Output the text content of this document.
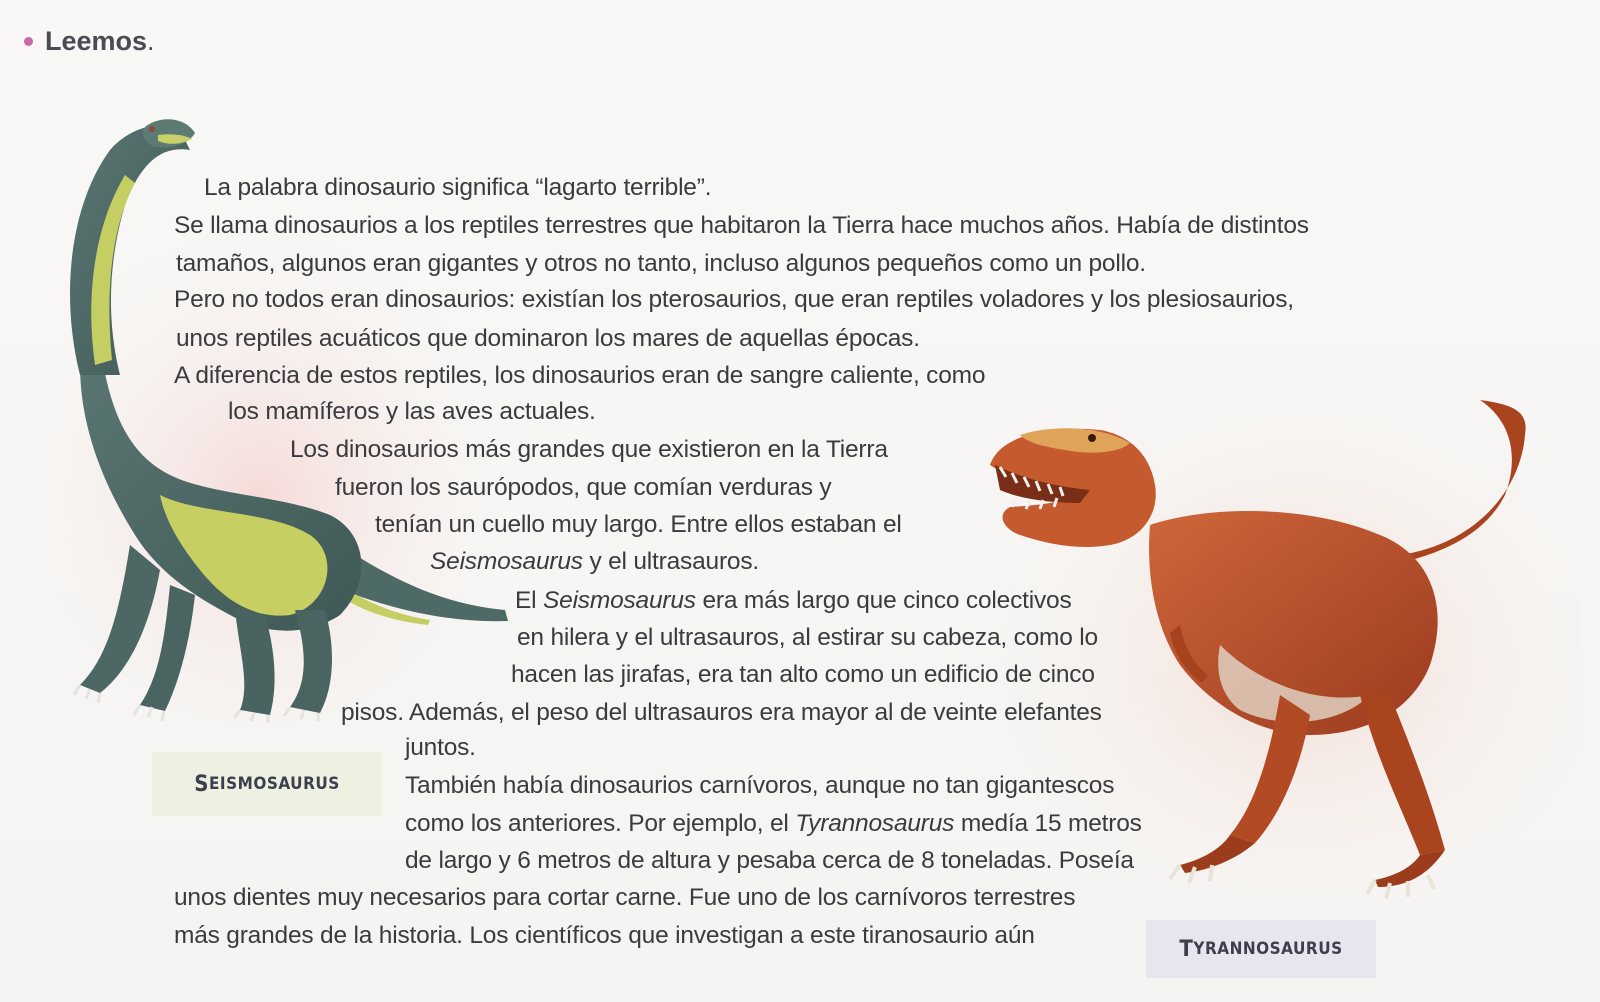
Leemos.
La palabra dinosaurio significa “lagarto terrible”.
Se llama dinosaurios a los reptiles terrestres que habitaron la Tierra hace muchos años. Había de distintos
tamaños, algunos eran gigantes y otros no tanto, incluso algunos pequeños como un pollo.
Pero no todos eran dinosaurios: existían los pterosaurios, que eran reptiles voladores y los plesiosaurios,
unos reptiles acuáticos que dominaron los mares de aquellas épocas.
A diferencia de estos reptiles, los dinosaurios eran de sangre caliente, como
los mamíferos y las aves actuales.
Los dinosaurios más grandes que existieron en la Tierra
fueron los saurópodos, que comían verduras y
tenían un cuello muy largo. Entre ellos estaban el
Seismosaurus y el ultrasauros.
El Seismosaurus era más largo que cinco colectivos
en hilera y el ultrasauros, al estirar su cabeza, como lo
hacen las jirafas, era tan alto como un edificio de cinco
pisos. Además, el peso del ultrasauros era mayor al de veinte elefantes
juntos.
También había dinosaurios carnívoros, aunque no tan gigantescos
como los anteriores. Por ejemplo, el Tyrannosaurus medía 15 metros
de largo y 6 metros de altura y pesaba cerca de 8 toneladas. Poseía
unos dientes muy necesarios para cortar carne. Fue uno de los carnívoros terrestres
más grandes de la historia. Los científicos que investigan a este tiranosaurio aún
S EISMOSAURUS
T YRANNOSAURUS
